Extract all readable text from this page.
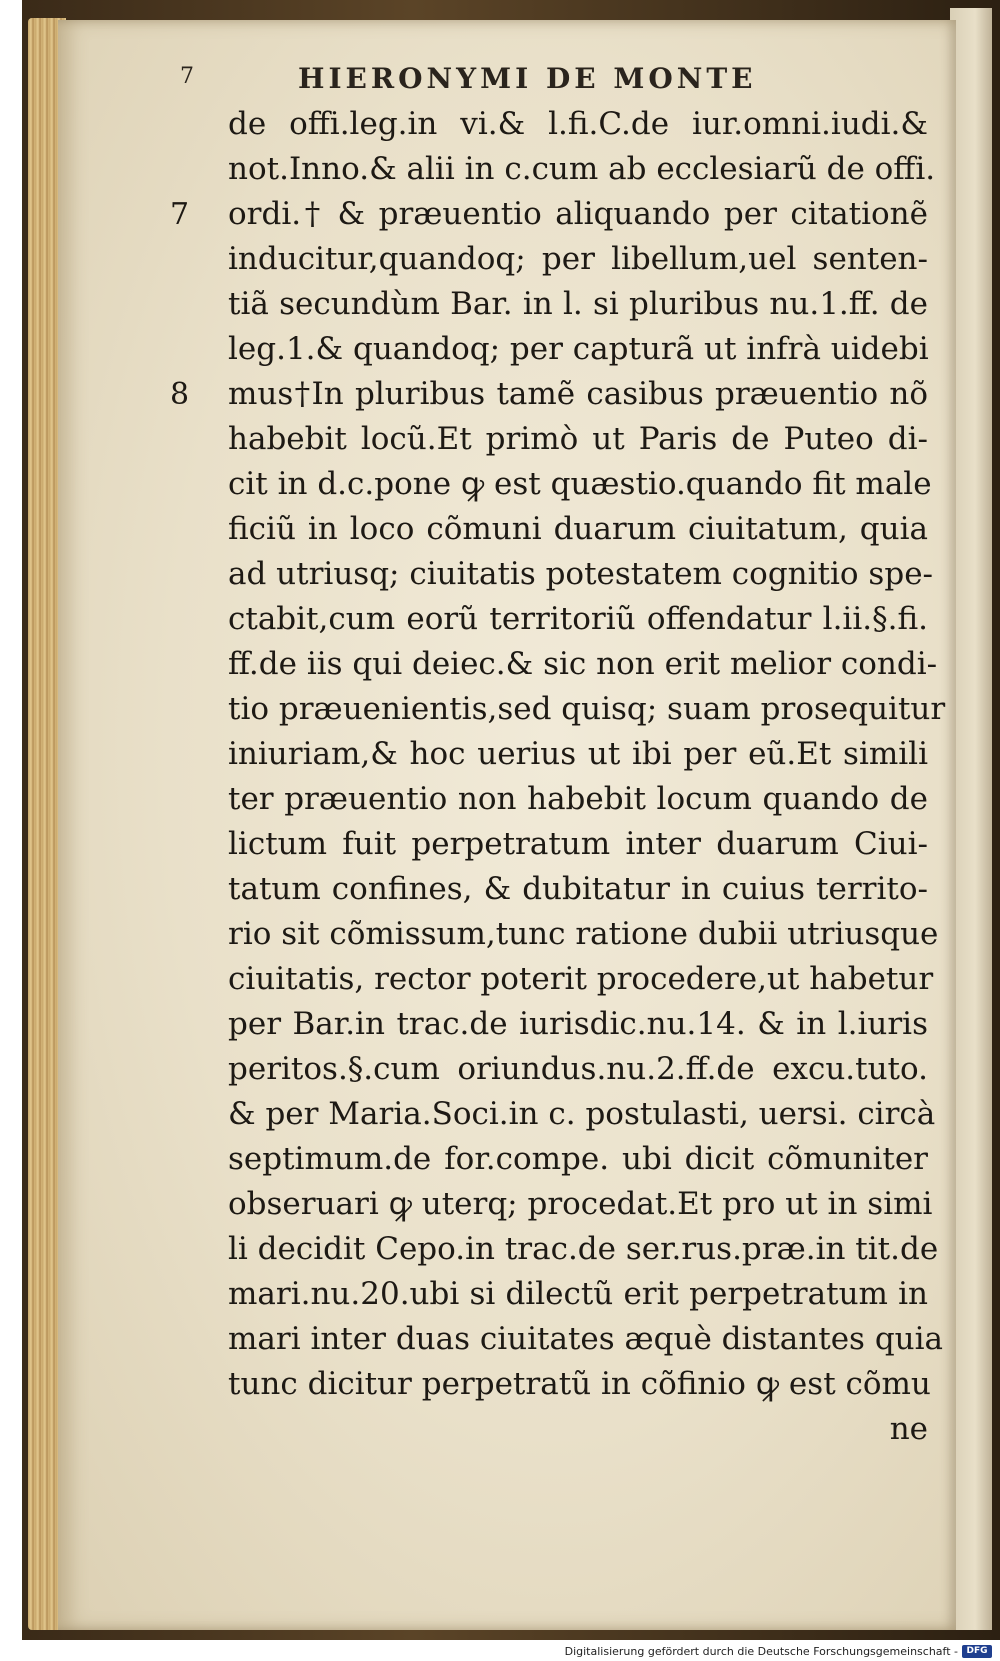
7	HIERONYMI DE MONTE
de offi.leg.in vi.& l.fi.C.de iur.omni.iudi.&
not.Inno.& alii in c.cum ab ecclesiarũ de offi.
7 ordi.† & præuentio aliquando per citationẽ
inducitur,quandoq; per libellum,uel senten-
tiã secundùm Bar. in l. si pluribus nu.1.ff. de
leg.1.& quandoq; per capturã ut infrà uidebi
8 mus†In pluribus tamẽ casibus præuentio nõ
habebit locũ.Et primò ut Paris de Puteo di-
cit in d.c.pone ꝙ est quæstio.quando fit male
ficiũ in loco cõmuni duarum ciuitatum, quia
ad utriusq; ciuitatis potestatem cognitio spe-
ctabit,cum eorũ territoriũ offendatur l.ii.§.fi.
ff.de iis qui deiec.& sic non erit melior condi-
tio præuenientis,sed quisq; suam prosequitur
iniuriam,& hoc uerius ut ibi per eũ.Et simili
ter præuentio non habebit locum quando de
lictum fuit perpetratum inter duarum Ciui-
tatum confines, & dubitatur in cuius territo-
rio sit cõmissum,tunc ratione dubii utriusque
ciuitatis, rector poterit procedere,ut habetur
per Bar.in trac.de iurisdic.nu.14. & in l.iuris
peritos.§.cum oriundus.nu.2.ff.de excu.tuto.
& per Maria.Soci.in c. postulasti, uersi. circà
septimum.de for.compe. ubi dicit cõmuniter
obseruari ꝙ uterq; procedat.Et pro ut in simi
li decidit Cepo.in trac.de ser.rus.præ.in tit.de
mari.nu.20.ubi si dilectũ erit perpetratum in
mari inter duas ciuitates æquè distantes quia
tunc dicitur perpetratũ in cõfinio ꝙ est cõmu
ne
Digitalisierung gefördert durch die Deutsche Forschungsgemeinschaft - DFG
